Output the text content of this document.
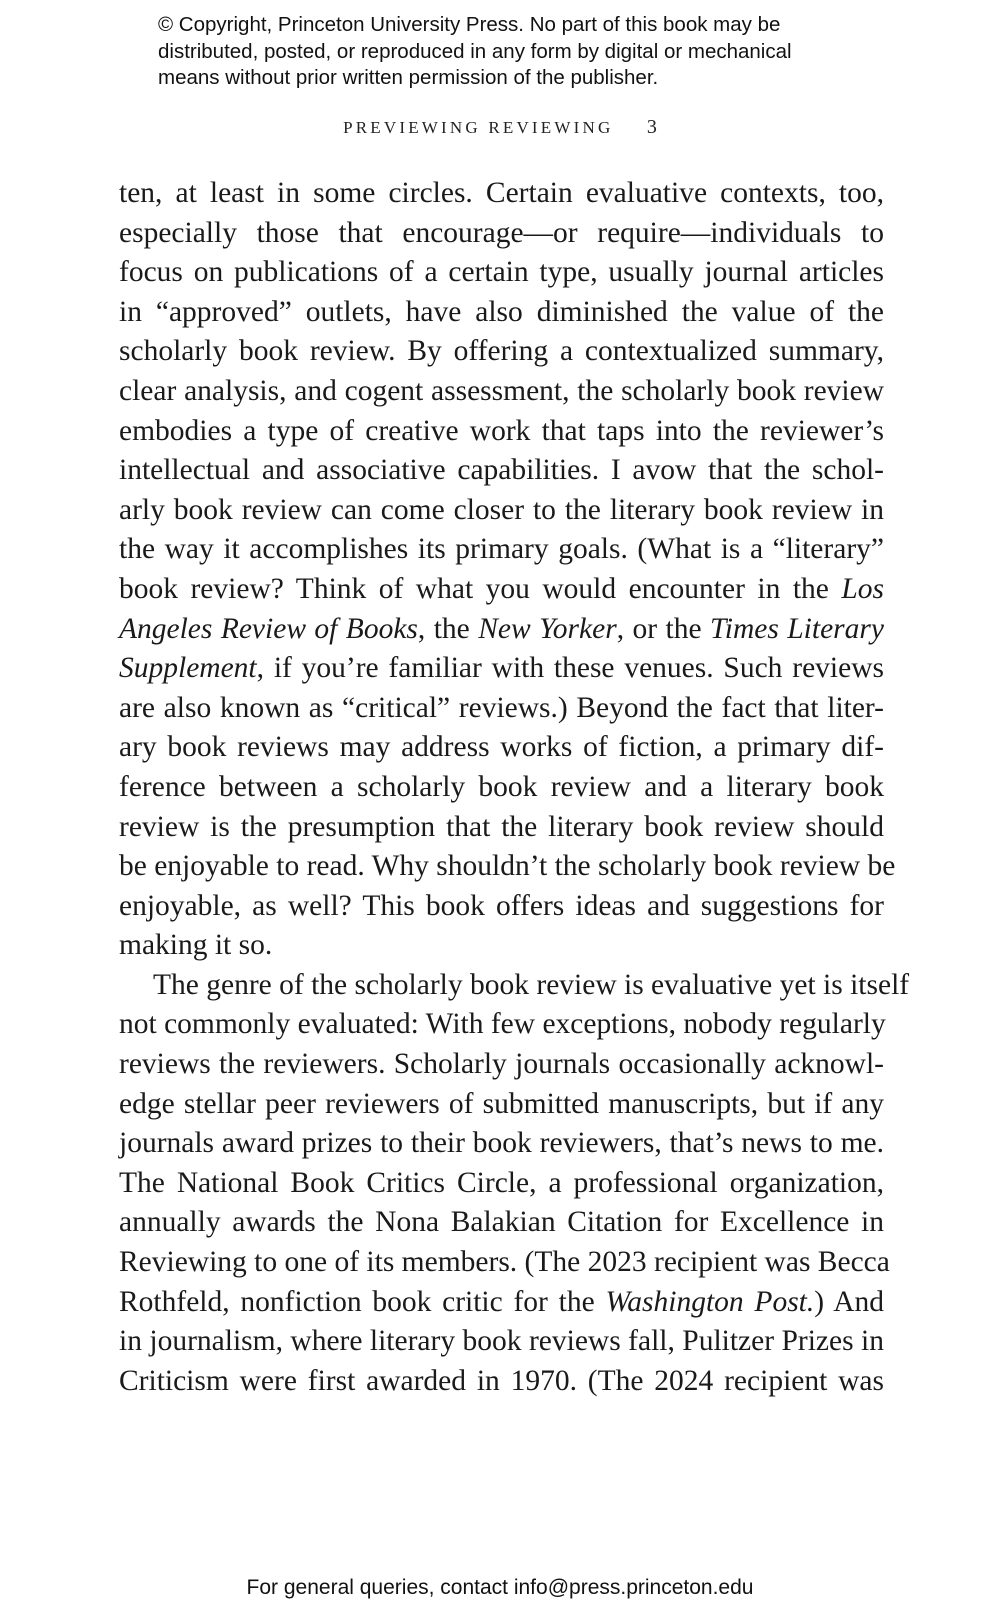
© Copyright, Princeton University Press. No part of this book may be
distributed, posted, or reproduced in any form by digital or mechanical
means without prior written permission of the publisher.
PREVIEWING REVIEWING 3
ten, at least in some circles. Certain evaluative contexts, too,
especially those that encourage—or require—individuals to
focus on publications of a certain type, usually journal articles
in “approved” outlets, have also diminished the value of the
scholarly book review. By offering a contextualized summary,
clear analysis, and cogent assessment, the scholarly book review
embodies a type of creative work that taps into the reviewer’s
intellectual and associative capabilities. I avow that the schol-
arly book review can come closer to the literary book review in
the way it accomplishes its primary goals. (What is a “literary”
book review? Think of what you would encounter in the Los
Angeles Review of Books, the New Yorker, or the Times Literary
Supplement, if you’re familiar with these venues. Such reviews
are also known as “critical” reviews.) Beyond the fact that liter-
ary book reviews may address works of fiction, a primary dif-
ference between a scholarly book review and a literary book
review is the presumption that the literary book review should
be enjoyable to read. Why shouldn’t the scholarly book review be
enjoyable, as well? This book offers ideas and suggestions for
making it so.
The genre of the scholarly book review is evaluative yet is itself
not commonly evaluated: With few exceptions, nobody regularly
reviews the reviewers. Scholarly journals occasionally acknowl-
edge stellar peer reviewers of submitted manuscripts, but if any
journals award prizes to their book reviewers, that’s news to me.
The National Book Critics Circle, a professional organization,
annually awards the Nona Balakian Citation for Excellence in
Reviewing to one of its members. (The 2023 recipient was Becca
Rothfeld, nonfiction book critic for the Washington Post.) And
in journalism, where literary book reviews fall, Pulitzer Prizes in
Criticism were first awarded in 1970. (The 2024 recipient was
For general queries, contact info@press.princeton.edu
